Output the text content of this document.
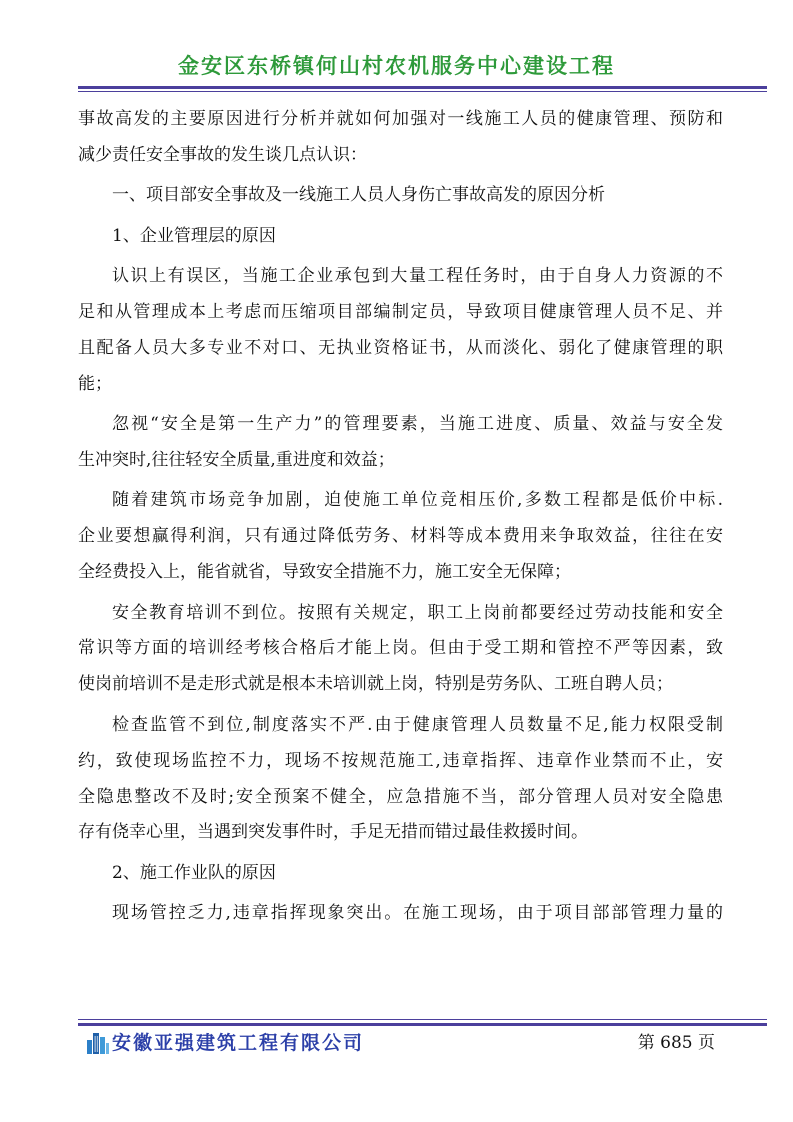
金安区东桥镇何山村农机服务中心建设工程
事故高发的主要原因进行分析并就如何加强对一线施工人员的健康管理、预防和
减少责任安全事故的发生谈几点认识：
一、项目部安全事故及一线施工人员人身伤亡事故高发的原因分析
1、企业管理层的原因
认识上有误区，当施工企业承包到大量工程任务时，由于自身人力资源的不
足和从管理成本上考虑而压缩项目部编制定员，导致项目健康管理人员不足、并
且配备人员大多专业不对口、无执业资格证书，从而淡化、弱化了健康管理的职
能；
忽视“安全是第一生产力”的管理要素，当施工进度、质量、效益与安全发
生冲突时,往往轻安全质量,重进度和效益；
随着建筑市场竞争加剧，迫使施工单位竞相压价,多数工程都是低价中标.
企业要想赢得利润，只有通过降低劳务、材料等成本费用来争取效益，往往在安
全经费投入上，能省就省，导致安全措施不力，施工安全无保障；
安全教育培训不到位。按照有关规定，职工上岗前都要经过劳动技能和安全
常识等方面的培训经考核合格后才能上岗。但由于受工期和管控不严等因素，致
使岗前培训不是走形式就是根本未培训就上岗，特别是劳务队、工班自聘人员；
检查监管不到位,制度落实不严.由于健康管理人员数量不足,能力权限受制
约，致使现场监控不力，现场不按规范施工,违章指挥、违章作业禁而不止，安
全隐患整改不及时;安全预案不健全，应急措施不当，部分管理人员对安全隐患
存有侥幸心里，当遇到突发事件时，手足无措而错过最佳救援时间。
2、施工作业队的原因
现场管控乏力,违章指挥现象突出。在施工现场，由于项目部部管理力量的
安徽亚强建筑工程有限公司	第 685 页
